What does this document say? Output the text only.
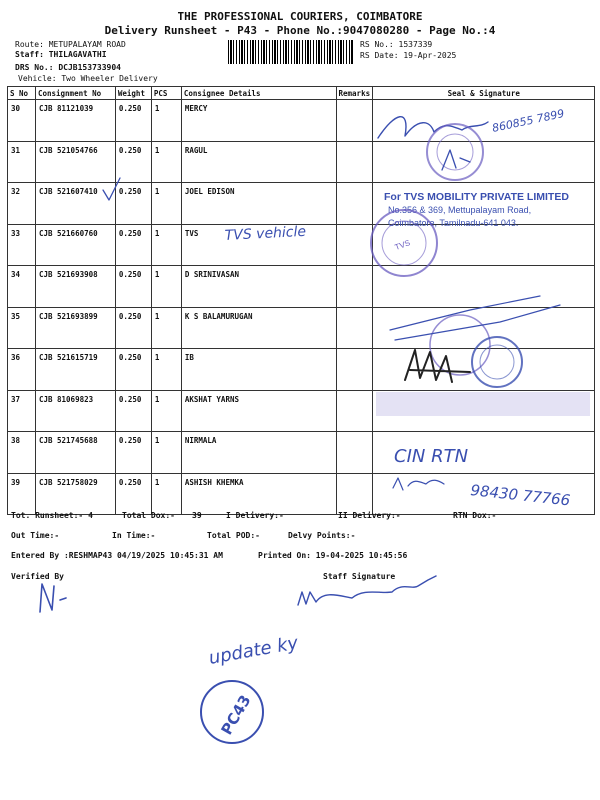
THE PROFESSIONAL COURIERS, COIMBATORE
Delivery Runsheet - P43 - Phone No.:9047080280 - Page No.:4
Route: METUPALAYAM ROAD
Staff: THILAGAVATHI
DRS No.: DCJB153733904
Vehicle: Two Wheeler Delivery
RS No.: 1537339
RS Date: 19-Apr-2025
S No	Consignment No	Weight	PCS	Consignee Details	Remarks	Seal & Signature
30	CJB 81121039	0.250	1	MERCY		
31	CJB 521054766	0.250	1	RAGUL		
32	CJB 521607410	0.250	1	JOEL EDISON		
33	CJB 521660760	0.250	1	TVS		
34	CJB 521693908	0.250	1	D SRINIVASAN		
35	CJB 521693899	0.250	1	K S BALAMURUGAN		
36	CJB 521615719	0.250	1	IB		
37	CJB 81069823	0.250	1	AKSHAT YARNS		
38	CJB 521745688	0.250	1	NIRMALA		
39	CJB 521758029	0.250	1	ASHISH KHEMKA		
Tot. Runsheet:- 4	Total Dox:- 39	I Delivery:-	II Delivery:-	RTN Dox:-
Out Time:-	In Time:-	Total POD:-	Delvy Points:-
Entered By :RESHMAP43 04/19/2025 10:45:31 AM	Printed On: 19-04-2025 10:45:56
Verified By	Staff Signature
860855 7899
For TVS MOBILITY PRIVATE LIMITED
No.356 & 369, Mettupalayam Road,
Coimbatore, Tamilnadu-641 043.
TVS
TVS vehicle
CIN RTN
98430 77766
update ky
PC43
